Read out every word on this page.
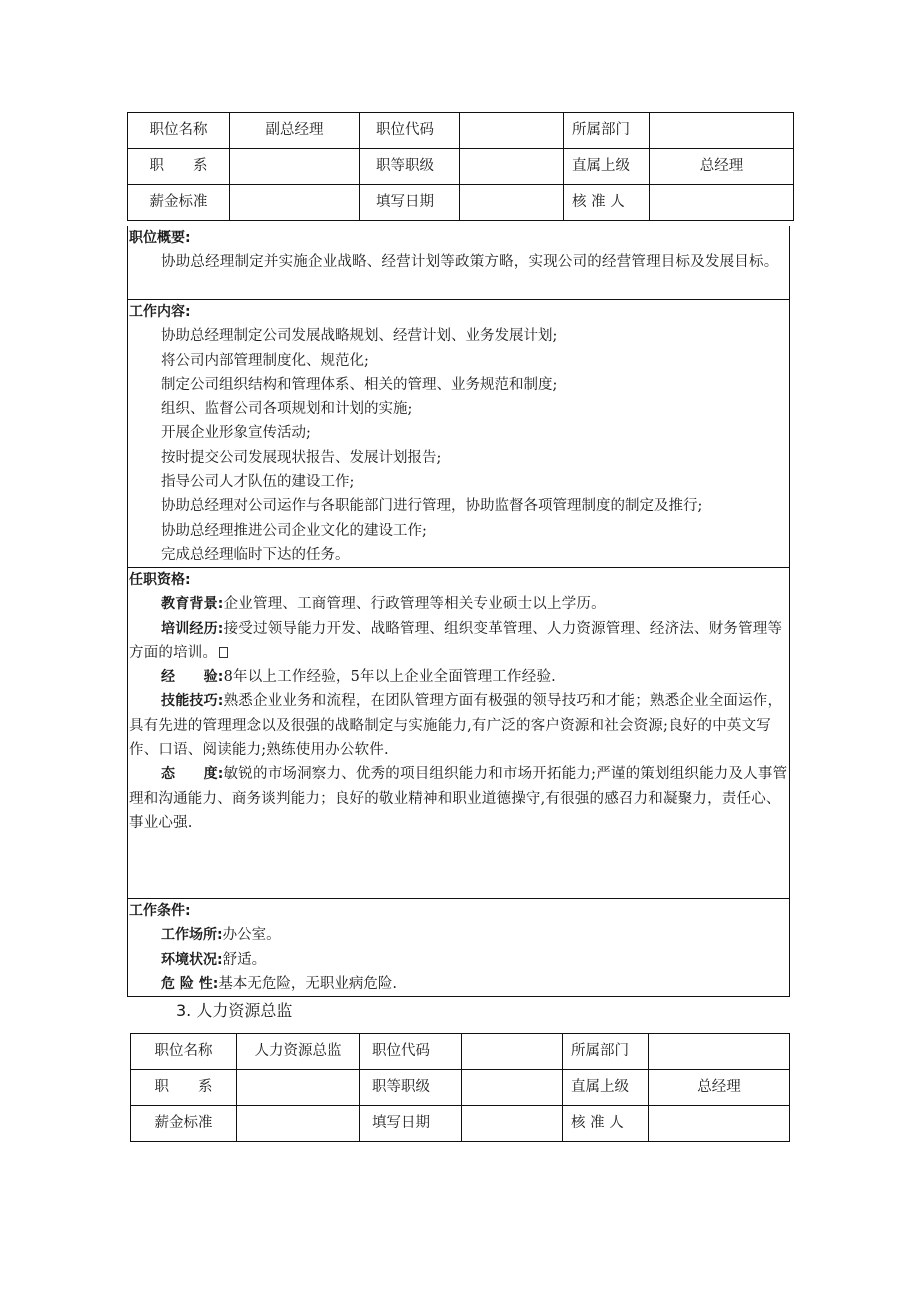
职位名称	副总经理	职位代码		所属部门	
职　　系		职等职级		直属上级	总经理
薪金标准		填写日期		核 准 人	
职位概要:
协助总经理制定并实施企业战略、经营计划等政策方略，实现公司的经营管理目标及发展目标。
工作内容:
协助总经理制定公司发展战略规划、经营计划、业务发展计划;
将公司内部管理制度化、规范化;
制定公司组织结构和管理体系、相关的管理、业务规范和制度;
组织、监督公司各项规划和计划的实施;
开展企业形象宣传活动;
按时提交公司发展现状报告、发展计划报告;
指导公司人才队伍的建设工作;
协助总经理对公司运作与各职能部门进行管理，协助监督各项管理制度的制定及推行;
协助总经理推进公司企业文化的建设工作;
完成总经理临时下达的任务。
任职资格:
教育背景:企业管理、工商管理、行政管理等相关专业硕士以上学历。
培训经历:接受过领导能力开发、战略管理、组织变革管理、人力资源管理、经济法、财务管理等方面的培训。
经　　验:8年以上工作经验，5年以上企业全面管理工作经验.
技能技巧:熟悉企业业务和流程，在团队管理方面有极强的领导技巧和才能；熟悉企业全面运作，具有先进的管理理念以及很强的战略制定与实施能力,有广泛的客户资源和社会资源;良好的中英文写作、口语、阅读能力;熟练使用办公软件.
态　　度:敏锐的市场洞察力、优秀的项目组织能力和市场开拓能力;严谨的策划组织能力及人事管理和沟通能力、商务谈判能力；良好的敬业精神和职业道德操守,有很强的感召力和凝聚力，责任心、事业心强.
工作条件:
工作场所:办公室。
环境状况:舒适。
危 险 性:基本无危险，无职业病危险.
3. 人力资源总监
职位名称	人力资源总监	职位代码		所属部门	
职　　系		职等职级		直属上级	总经理
薪金标准		填写日期		核 准 人	
